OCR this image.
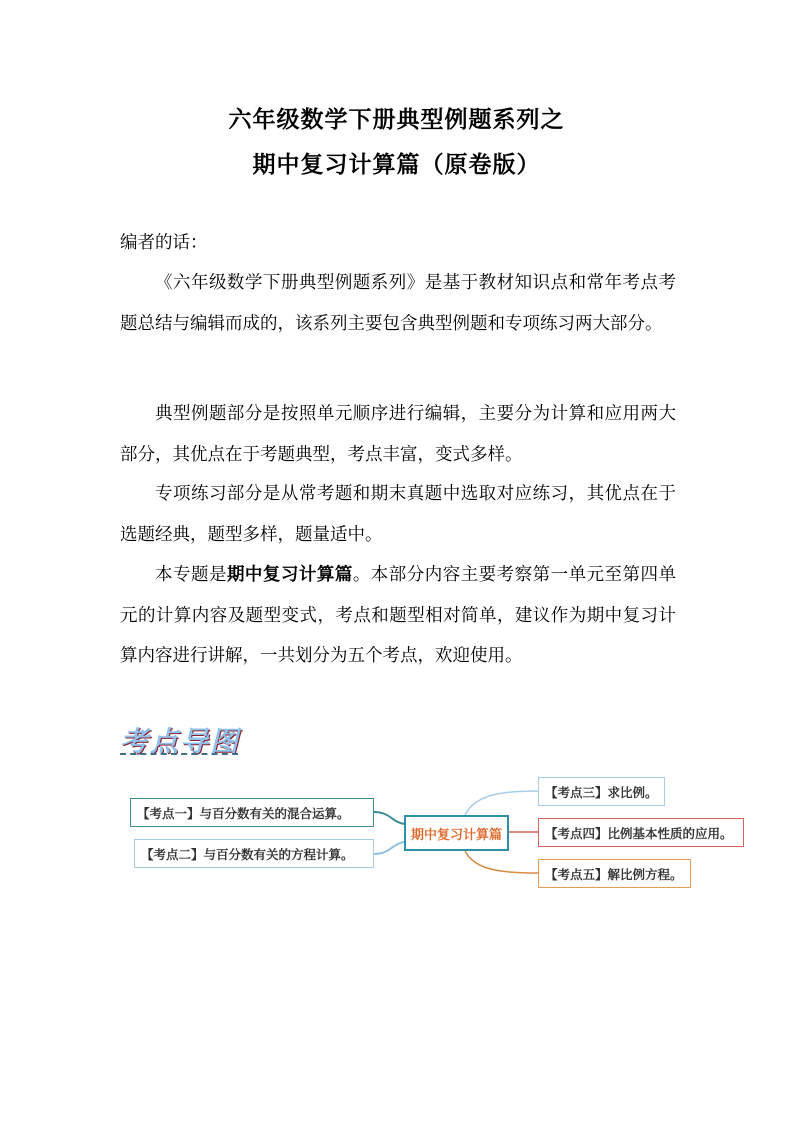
六年级数学下册典型例题系列之
期中复习计算篇（原卷版）
编者的话：
《六年级数学下册典型例题系列》是基于教材知识点和常年考点考题总结与编辑而成的，该系列主要包含典型例题和专项练习两大部分。
典型例题部分是按照单元顺序进行编辑，主要分为计算和应用两大部分，其优点在于考题典型，考点丰富，变式多样。
专项练习部分是从常考题和期末真题中选取对应练习，其优点在于选题经典，题型多样，题量适中。
本专题是期中复习计算篇。本部分内容主要考察第一单元至第四单元的计算内容及题型变式，考点和题型相对简单，建议作为期中复习计算内容进行讲解，一共划分为五个考点，欢迎使用。
考点导图
【考点一】与百分数有关的混合运算。
【考点二】与百分数有关的方程计算。
期中复习计算篇
【考点三】求比例。
【考点四】比例基本性质的应用。
【考点五】解比例方程。
